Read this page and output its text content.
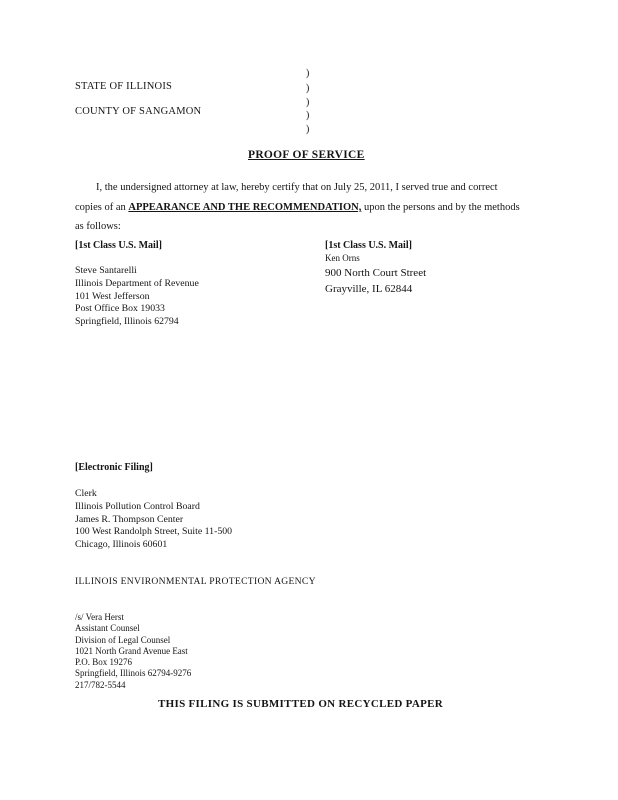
STATE OF ILLINOIS
COUNTY OF SANGAMON
)
)
)
)
)
PROOF OF SERVICE
I, the undersigned attorney at law, hereby certify that on July 25, 2011, I served true and correct
copies of an APPEARANCE AND THE RECOMMENDATION, upon the persons and by the methods
as follows:
[1st Class U.S. Mail]
Steve Santarelli
Illinois Department of Revenue
101 West Jefferson
Post Office Box 19033
Springfield, Illinois 62794
[1st Class U.S. Mail]
Ken Orns
900 North Court Street
Grayville, IL 62844
[Electronic Filing]
Clerk
Illinois Pollution Control Board
James R. Thompson Center
100 West Randolph Street, Suite 11-500
Chicago, Illinois 60601
ILLINOIS ENVIRONMENTAL PROTECTION AGENCY
/s/ Vera Herst
Assistant Counsel
Division of Legal Counsel
1021 North Grand Avenue East
P.O. Box 19276
Springfield, Illinois 62794-9276
217/782-5544
THIS FILING IS SUBMITTED ON RECYCLED PAPER
